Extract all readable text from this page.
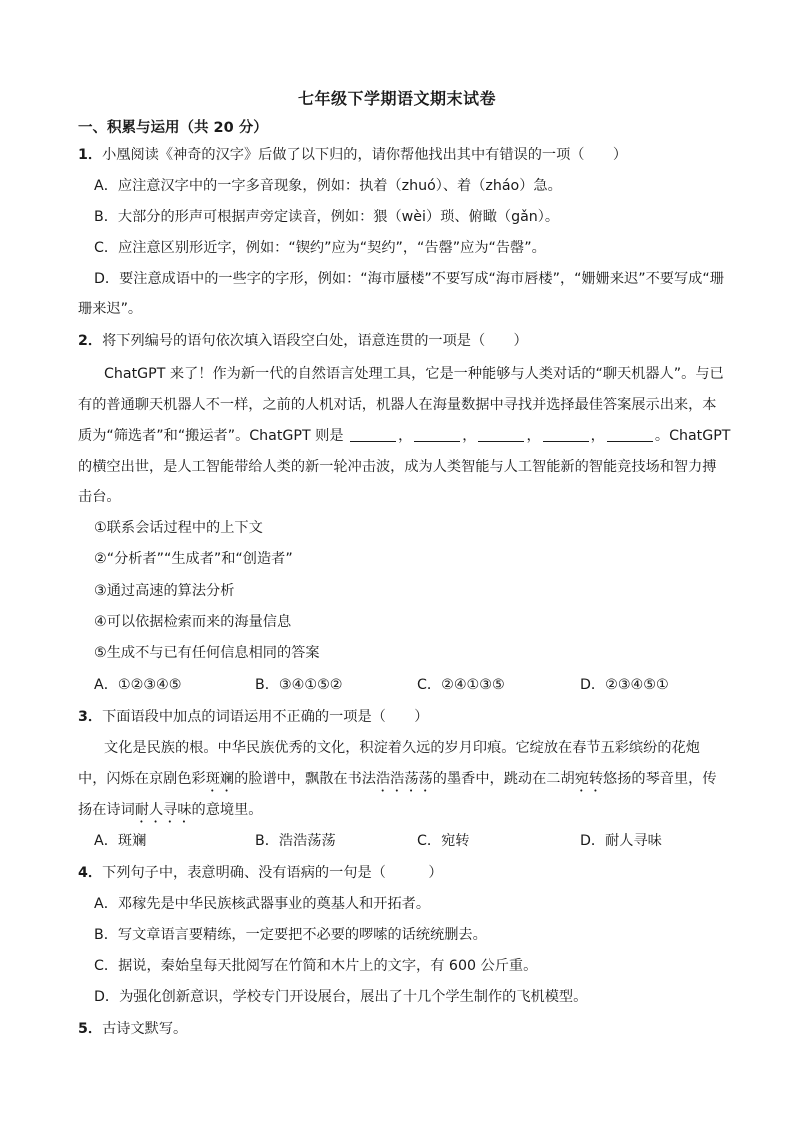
七年级下学期语文期末试卷
一、积累与运用（共 20 分）
1．小凰阅读《神奇的汉字》后做了以下归的，请你帮他找出其中有错误的一项（　　）
A．应注意汉字中的一字多音现象，例如：执着（zhuó）、着（zháo）急。
B．大部分的形声可根据声旁定读音，例如：猥（wèi）琐、俯瞰（gǎn）。
C．应注意区别形近字，例如：“锲约”应为“契约”，“告罄”应为“告罄”。
D．要注意成语中的一些字的字形，例如：“海市蜃楼”不要写成“海市唇楼”，“姗姗来迟”不要写成“珊
珊来迟”。
2．将下列编号的语句依次填入语段空白处，语意连贯的一项是（　　）
ChatGPT 来了！作为新一代的自然语言处理工具，它是一种能够与人类对话的“聊天机器人”。与已
有的普通聊天机器人不一样，之前的人机对话，机器人在海量数据中寻找并选择最佳答案展示出来，本
质为“筛选者”和“搬运者”。ChatGPT 则是	，	，	，	，	。ChatGPT
的横空出世，是人工智能带给人类的新一轮冲击波，成为人类智能与人工智能新的智能竞技场和智力搏
击台。
①联系会话过程中的上下文
②“分析者”“生成者”和“创造者”
③通过高速的算法分析
④可以依据检索而来的海量信息
⑤生成不与已有任何信息相同的答案
A．①②③④⑤	B．③④①⑤②	C．②④①③⑤	D．②③④⑤①
3．下面语段中加点的词语运用不正确的一项是（　　）
文化是民族的根。中华民族优秀的文化，积淀着久远的岁月印痕。它绽放在春节五彩缤纷的花炮
中，闪烁在京剧色彩斑斓的脸谱中，飘散在书法浩浩荡荡的墨香中，跳动在二胡宛转悠扬的琴音里，传
扬在诗词耐人寻味的意境里。
A．斑斓	B．浩浩荡荡	C．宛转	D．耐人寻味
4．下列句子中，表意明确、没有语病的一句是（　　　）
A．邓稼先是中华民族核武器事业的奠基人和开拓者。
B．写文章语言要精练，一定要把不必要的啰嗦的话统统删去。
C．据说，秦始皇每天批阅写在竹简和木片上的文字，有 600 公斤重。
D．为强化创新意识，学校专门开设展台，展出了十几个学生制作的飞机模型。
5．古诗文默写。
